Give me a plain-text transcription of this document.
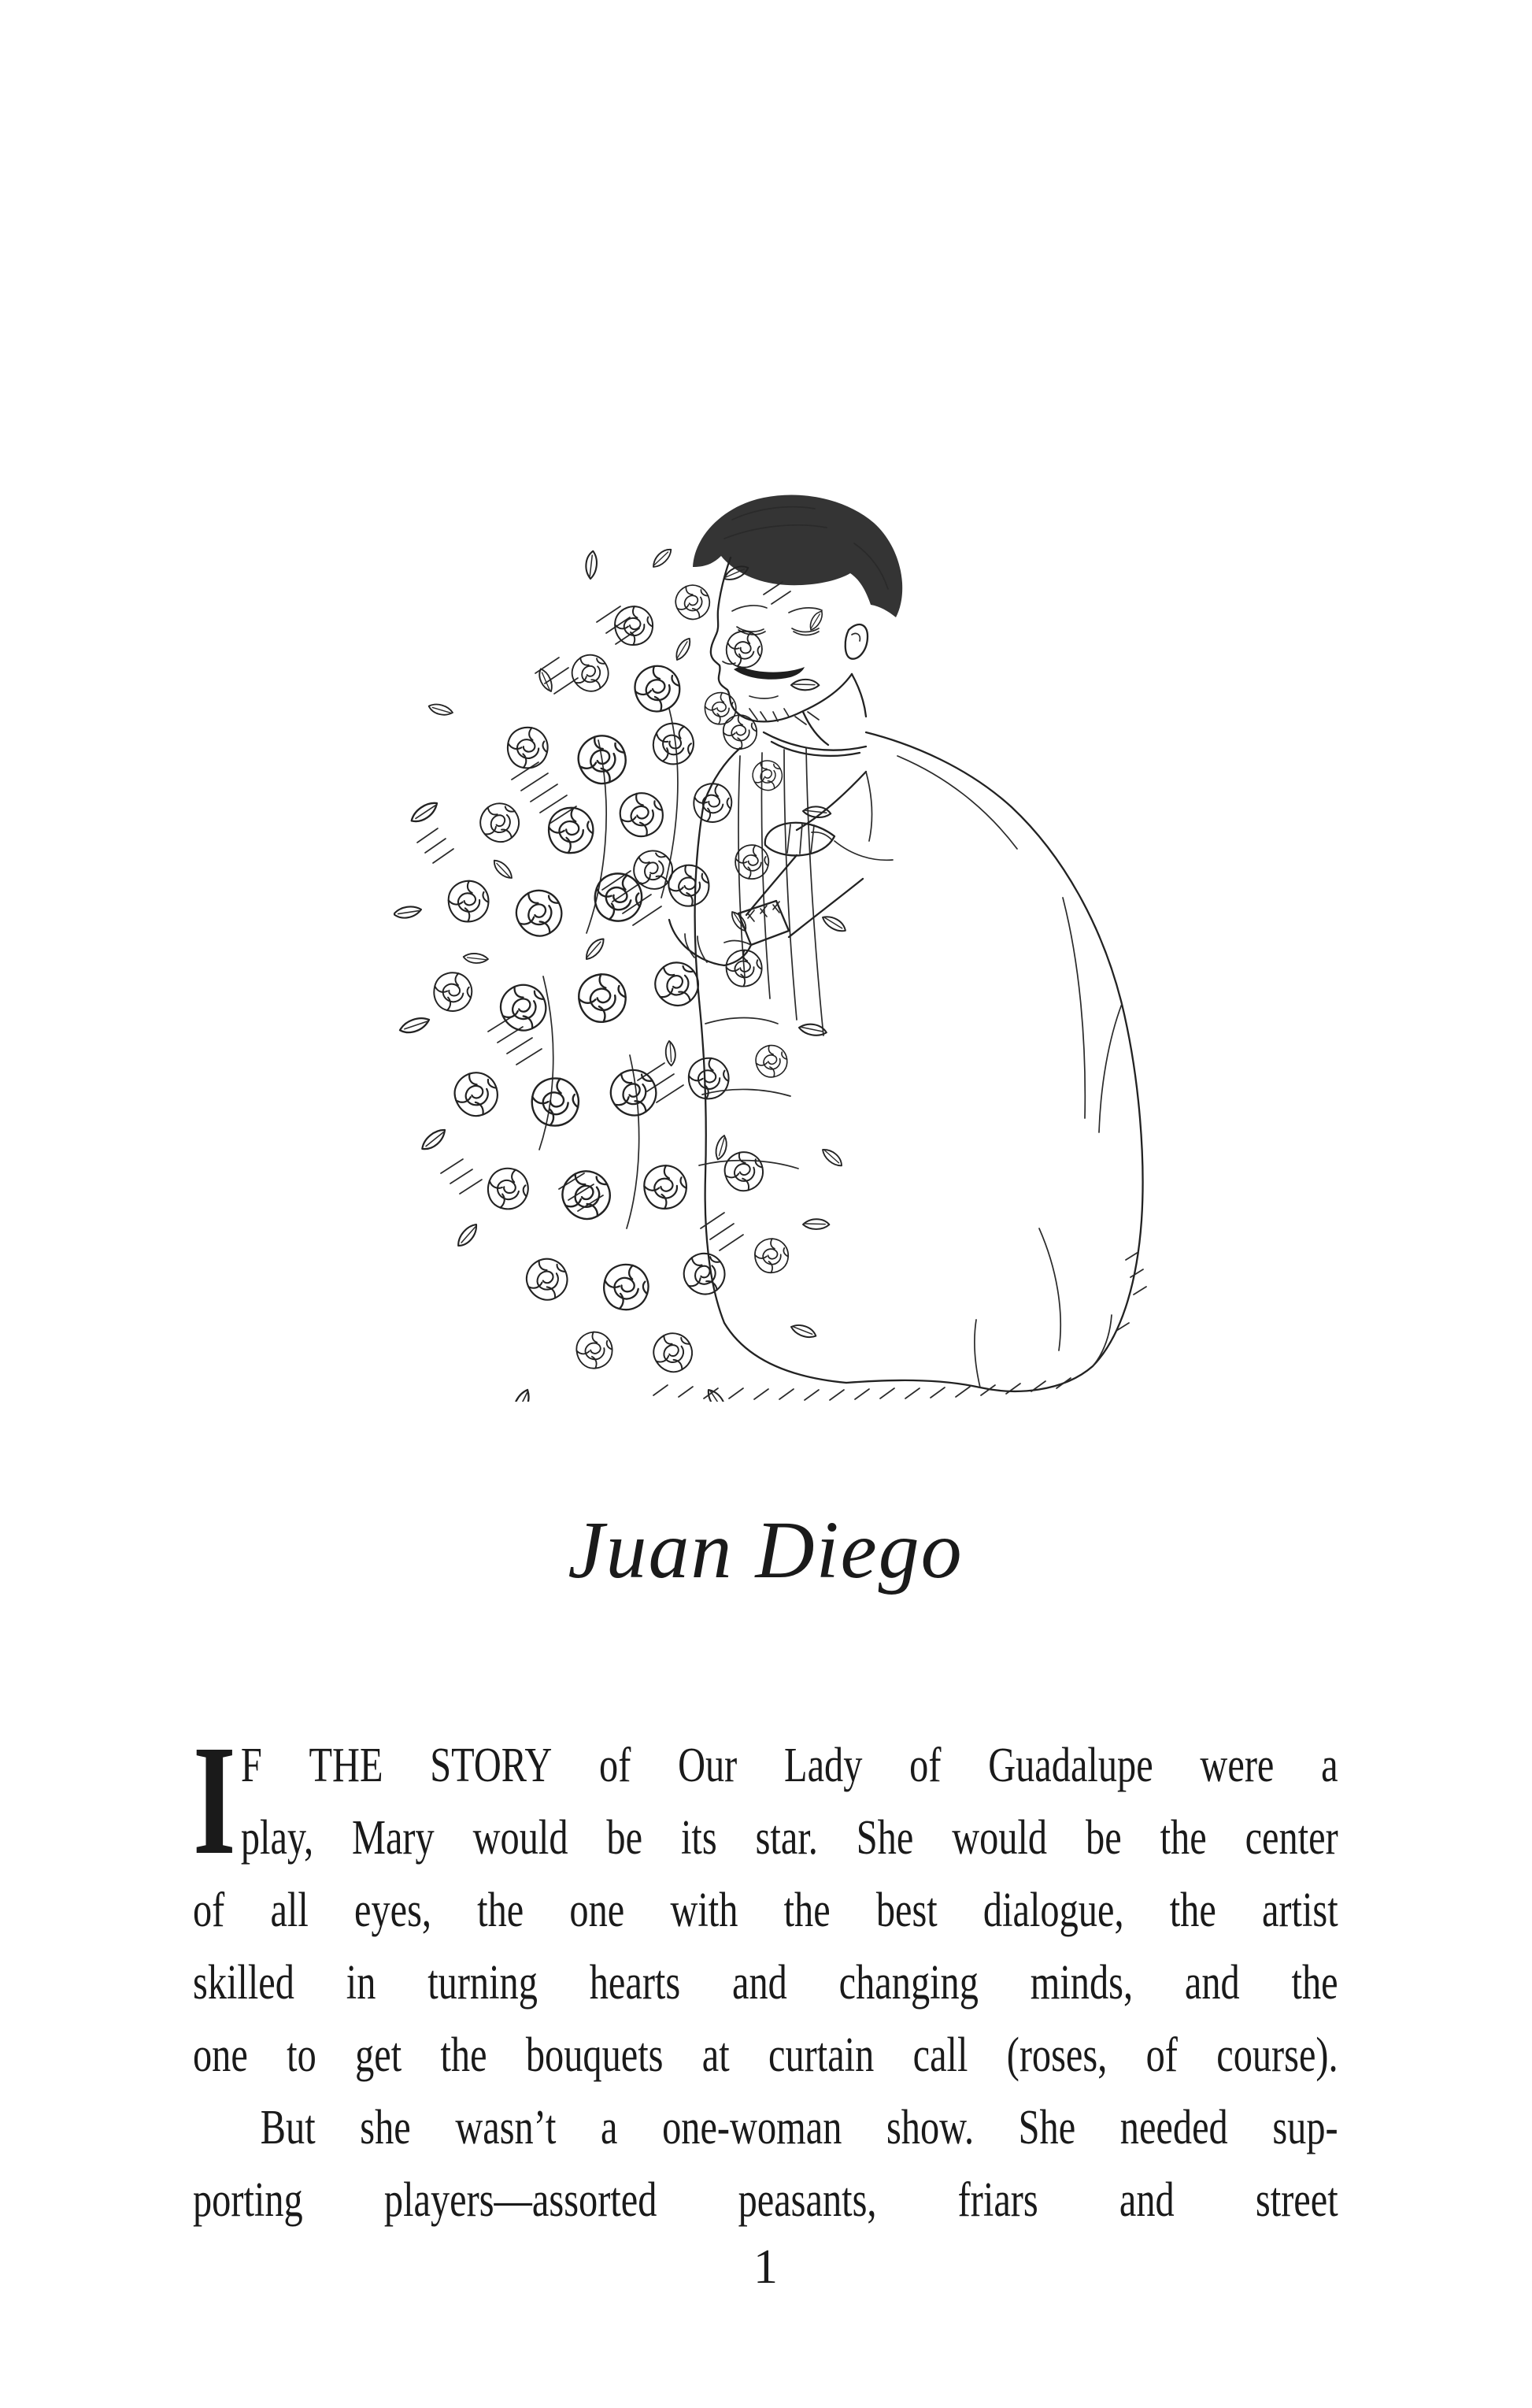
Juan Diego
I F THE STORY of Our Lady of Guadalupe were a
play, Mary would be its star. She would be the center
of all eyes, the one with the best dialogue, the artist
skilled in turning hearts and changing minds, and the
one to get the bouquets at curtain call (roses, of course).
But she wasn’t a one-woman show. She needed sup-
porting players—assorted peasants, friars and street
1
